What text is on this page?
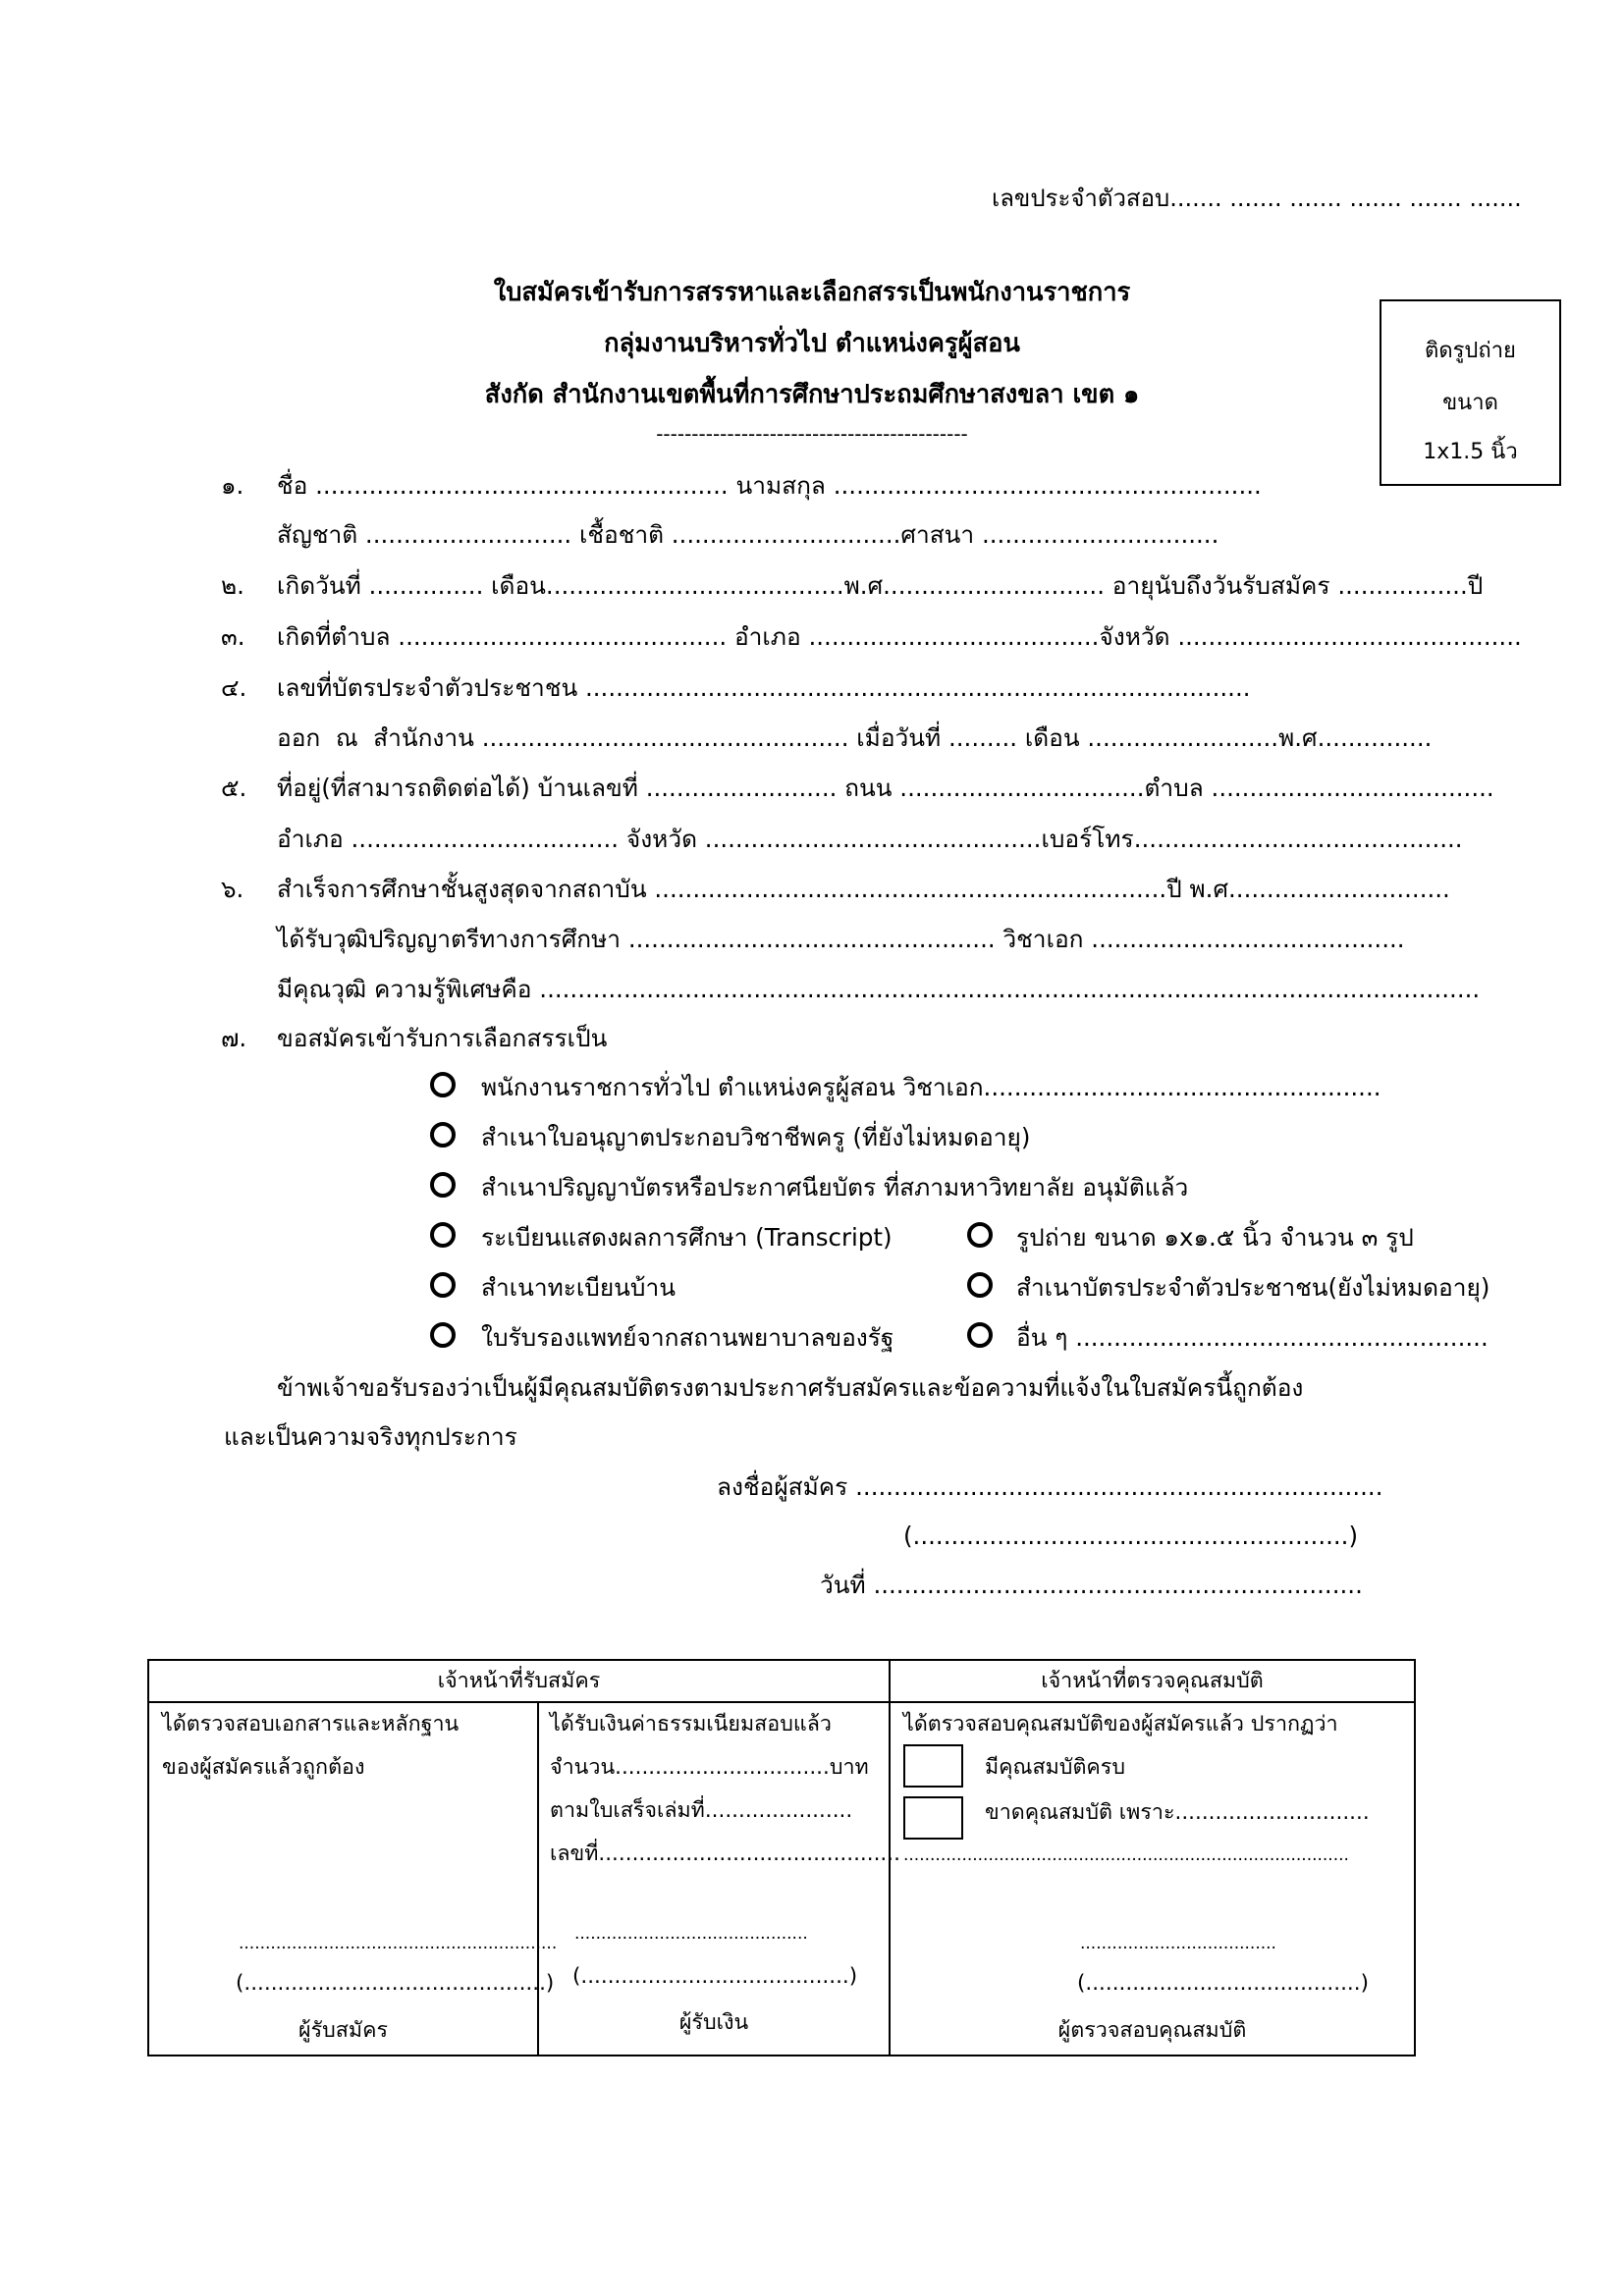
เลขประจำตัวสอบ....... ....... ....... ....... ....... .......
ใบสมัครเข้ารับการสรรหาและเลือกสรรเป็นพนักงานราชการ
กลุ่มงานบริหารทั่วไป ตำแหน่งครูผู้สอน
สังกัด สำนักงานเขตพื้นที่การศึกษาประถมศึกษาสงขลา เขต ๑
--------------------------------------------
ติดรูปถ่าย
ขนาด
1x1.5 นิ้ว
๑. ชื่อ ...................................................... นามสกุล ........................................................
สัญชาติ ........................... เชื้อชาติ ..............................ศาสนา ...............................
๒. เกิดวันที่ ............... เดือน.......................................พ.ศ............................. อายุนับถึงวันรับสมัคร .................ปี
๓. เกิดที่ตำบล ........................................... อำเภอ ......................................จังหวัด .............................................
๔. เลขที่บัตรประจำตัวประชาชน .......................................................................................
ออก  ณ  สำนักงาน ................................................ เมื่อวันที่ ......... เดือน .........................พ.ศ...............
๕. ที่อยู่(ที่สามารถติดต่อได้) บ้านเลขที่ ......................... ถนน ................................ตำบล .....................................
อำเภอ ................................... จังหวัด ............................................เบอร์โทร...........................................
๖. สำเร็จการศึกษาชั้นสูงสุดจากสถาบัน ...................................................................ปี พ.ศ.............................
ได้รับวุฒิปริญญาตรีทางการศึกษา ................................................ วิชาเอก .........................................
มีคุณวุฒิ ความรู้พิเศษคือ ...........................................................................................................................
๗. ขอสมัครเข้ารับการเลือกสรรเป็น
พนักงานราชการทั่วไป ตำแหน่งครูผู้สอน วิชาเอก....................................................
สำเนาใบอนุญาตประกอบวิชาชีพครู (ที่ยังไม่หมดอายุ)
สำเนาปริญญาบัตรหรือประกาศนียบัตร ที่สภามหาวิทยาลัย อนุมัติแล้ว
ระเบียนแสดงผลการศึกษา (Transcript)	รูปถ่าย ขนาด ๑x๑.๕ นิ้ว จำนวน ๓ รูป
สำเนาทะเบียนบ้าน	สำเนาบัตรประจำตัวประชาชน(ยังไม่หมดอายุ)
ใบรับรองแพทย์จากสถานพยาบาลของรัฐ	อื่น ๆ ......................................................
ข้าพเจ้าขอรับรองว่าเป็นผู้มีคุณสมบัติตรงตามประกาศรับสมัครและข้อความที่แจ้งในใบสมัครนี้ถูกต้อง
และเป็นความจริงทุกประการ
ลงชื่อผู้สมัคร .....................................................................
(.........................................................)
วันที่ ................................................................
เจ้าหน้าที่รับสมัคร	เจ้าหน้าที่ตรวจคุณสมบัติ
ได้ตรวจสอบเอกสารและหลักฐาน
ของผู้สมัครแล้วถูกต้อง
............................................................
(.............................................)
ผู้รับสมัคร
ได้รับเงินค่าธรรมเนียมสอบแล้ว
จำนวน................................บาท
ตามใบเสร็จเล่มที่......................
เลขที่.............................................
............................................
(........................................)
ผู้รับเงิน
ได้ตรวจสอบคุณสมบัติของผู้สมัครแล้ว ปรากฏว่า
มีคุณสมบัติครบ
ขาดคุณสมบัติ เพราะ.............................
....................................................................................
.....................................
(.........................................)
ผู้ตรวจสอบคุณสมบัติ
